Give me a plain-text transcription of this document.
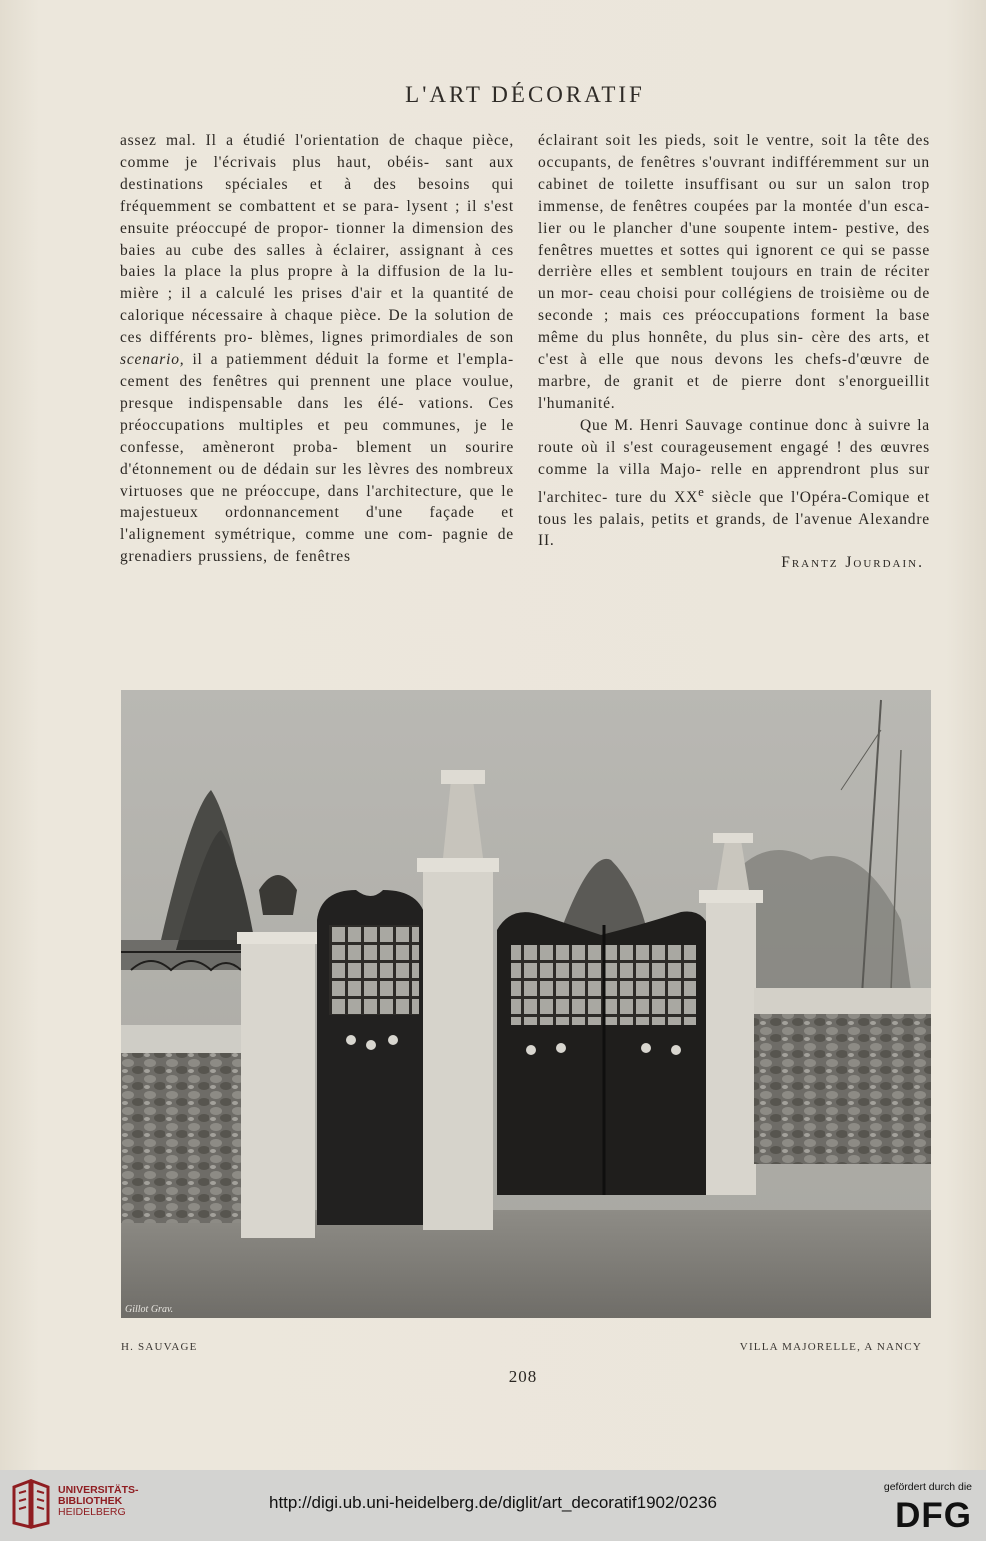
L'ART DÉCORATIF

assez mal. Il a étudié l'orientation de chaque pièce, comme je l'écrivais plus haut, obéis- sant aux destinations spéciales et à des besoins qui fréquemment se combattent et se para- lysent ; il s'est ensuite préoccupé de propor- tionner la dimension des baies au cube des salles à éclairer, assignant à ces baies la place la plus propre à la diffusion de la lu- mière ; il a calculé les prises d'air et la quantité de calorique nécessaire à chaque pièce. De la solution de ces différents pro- blèmes, lignes primordiales de son scenario, il a patiemment déduit la forme et l'empla- cement des fenêtres qui prennent une place voulue, presque indispensable dans les élé- vations. Ces préoccupations multiples et peu communes, je le confesse, amèneront proba- blement un sourire d'étonnement ou de dédain sur les lèvres des nombreux virtuoses que ne préoccupe, dans l'architecture, que le majestueux ordonnancement d'une façade et l'alignement symétrique, comme une com- pagnie de grenadiers prussiens, de fenêtres

éclairant soit les pieds, soit le ventre, soit la tête des occupants, de fenêtres s'ouvrant indifféremment sur un cabinet de toilette insuffisant ou sur un salon trop immense, de fenêtres coupées par la montée d'un esca- lier ou le plancher d'une soupente intem- pestive, des fenêtres muettes et sottes qui ignorent ce qui se passe derrière elles et semblent toujours en train de réciter un mor- ceau choisi pour collégiens de troisième ou de seconde ; mais ces préoccupations forment la base même du plus honnête, du plus sin- cère des arts, et c'est à elle que nous devons les chefs-d'œuvre de marbre, de granit et de pierre dont s'enorgueillit l'humanité.

Que M. Henri Sauvage continue donc à suivre la route où il s'est courageusement engagé ! des œuvres comme la villa Majo- relle en apprendront plus sur l'architec- ture du XXe siècle que l'Opéra-Comique et tous les palais, petits et grands, de l'avenue Alexandre II.

Frantz Jourdain.

Gillot Grav.
H. SAUVAGE	VILLA MAJORELLE, A NANCY
208
UNIVERSITÄTS-
BIBLIOTHEK
HEIDELBERG	http://digi.ub.uni-heidelberg.de/diglit/art_decoratif1902/0236
gefördert durch die
DFG
